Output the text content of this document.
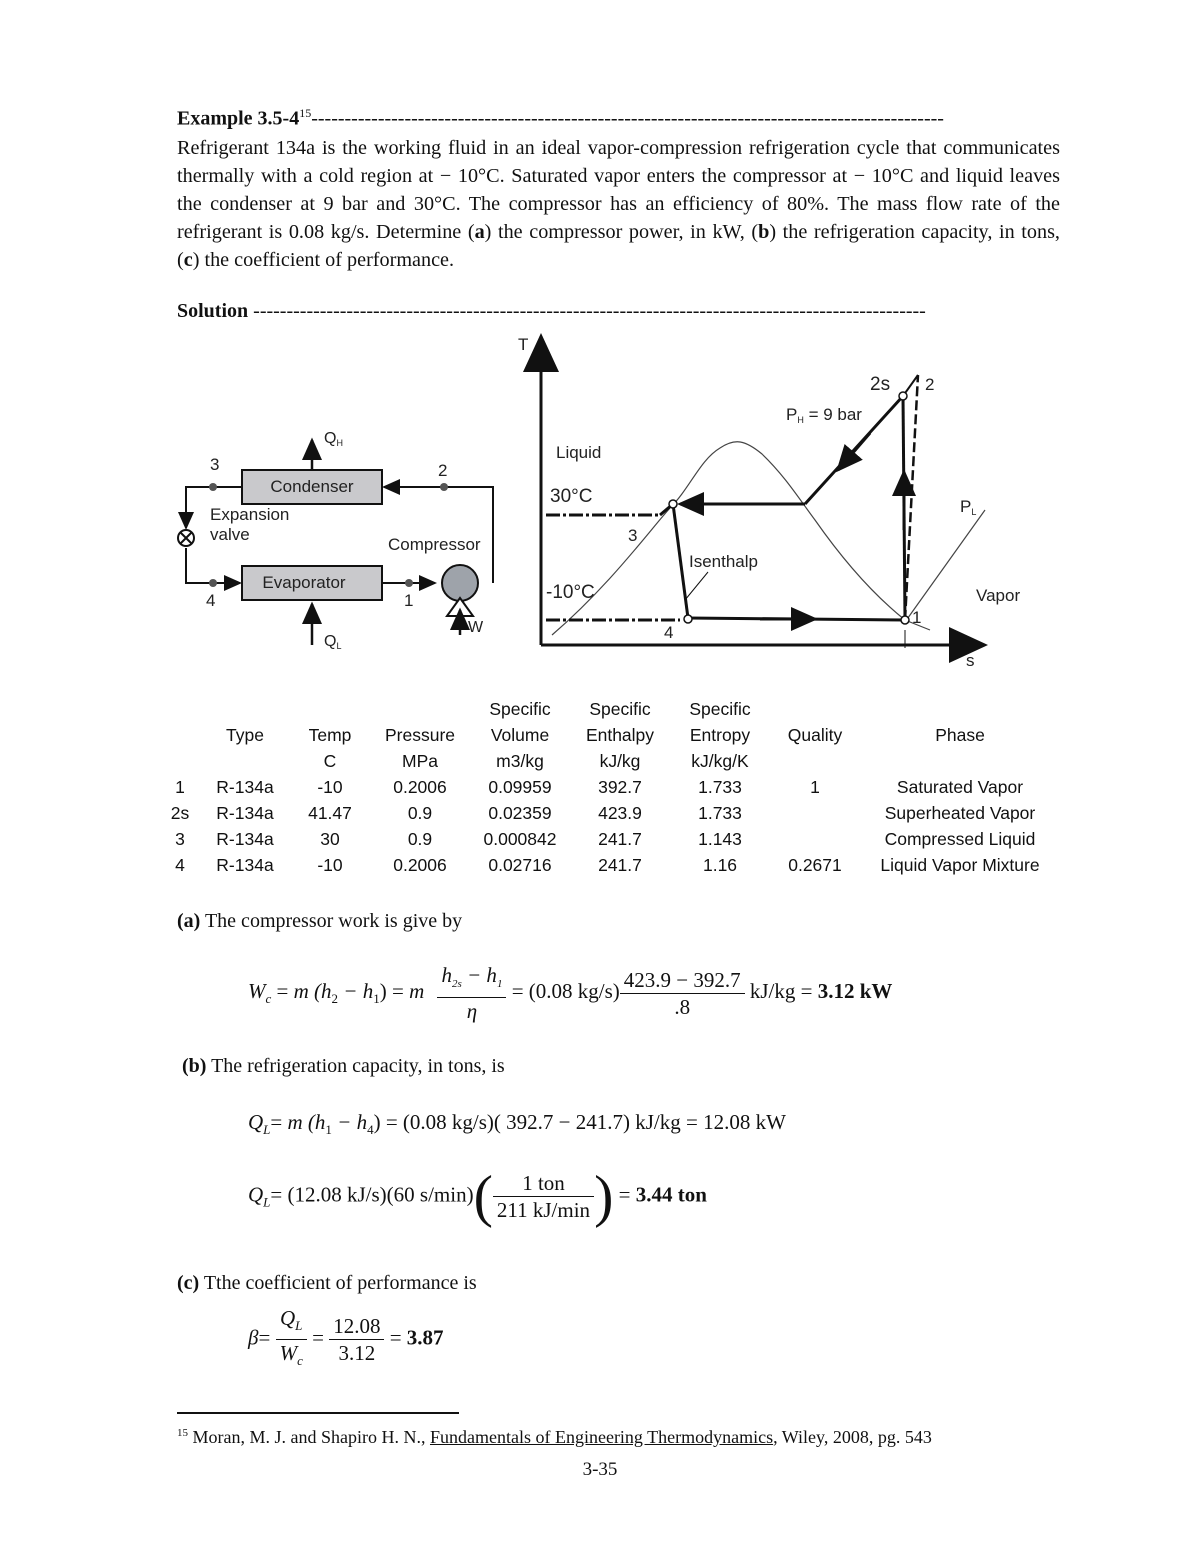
Example $3.5-4^{15}-----------------------------------------------------------------------------------------------$
Refrigerant 134a is the working fluid in an ideal vapor-compression refrigeration cycle that communicates thermally with a cold region at − 10°C. Saturated vapor enters the compressor at − 10°C and liquid leaves the condenser at 9 bar and 30°C. The compressor has an efficiency of 80%. The mass flow rate of the refrigerant is 0.08 kg/s. Determine (a) the compressor power, in kW, (b) the refrigeration capacity, in tons, (c) the coefficient of performance.
Solution -----------------------------------------------------------------------------------------------------
Condenser
Evaporator
QH
QL
W
Expansion
valve
Compressor
3	2
4	1
T
s
Liquid
Vapor
30°C
-10°C
PH = 9 bar
PL
Isenthalp
2s 2
3
4
1
				Specific	Specific	Specific		
	Type	Temp	Pressure	Volume	Enthalpy	Entropy	Quality	Phase
		C	MPa	m3/kg	kJ/kg	kJ/kg/K		
1	R-134a	-10	0.2006	0.09959	392.7	1.733	1	Saturated Vapor
2s	R-134a	41.47	0.9	0.02359	423.9	1.733		Superheated Vapor
3	R-134a	30	0.9	0.000842	241.7	1.143		Compressed Liquid
4	R-134a	-10	0.2006	0.02716	241.7	1.16	0.2671	Liquid Vapor Mixture
(a) The compressor work is give by
$W_c = m$ $(h_2 - h_1) = m \frac{h_{2s} - h_1}{\eta} = (0.08$ $kg/s) \frac{423.9 - 392.7}{.8} kJ/kg = 3.12$ kW
(b) The refrigeration capacity, in tons, is
$Q_L= m$ $(h_1 - h_4) = (0.08$ kg/s)( 392.7 − 241.7) kJ/kg = 12.08 kW
$Q_L= (12.08$ kJ/s)(60 $s/\min)( \frac{\text{1 ton}}{211 kJ/\min}$ ) = 3.44 ton
(c) Tthe coefficient of performance is
$\beta= \frac{Q_L}{W_c} = \frac{12.08}{3.12} = 3.87$
$^{15}$ Moran, M. J. and Shapiro H. N., Fundamentals of Engineering Thermodynamics, Wiley, 2008, pg. 543
3-35
